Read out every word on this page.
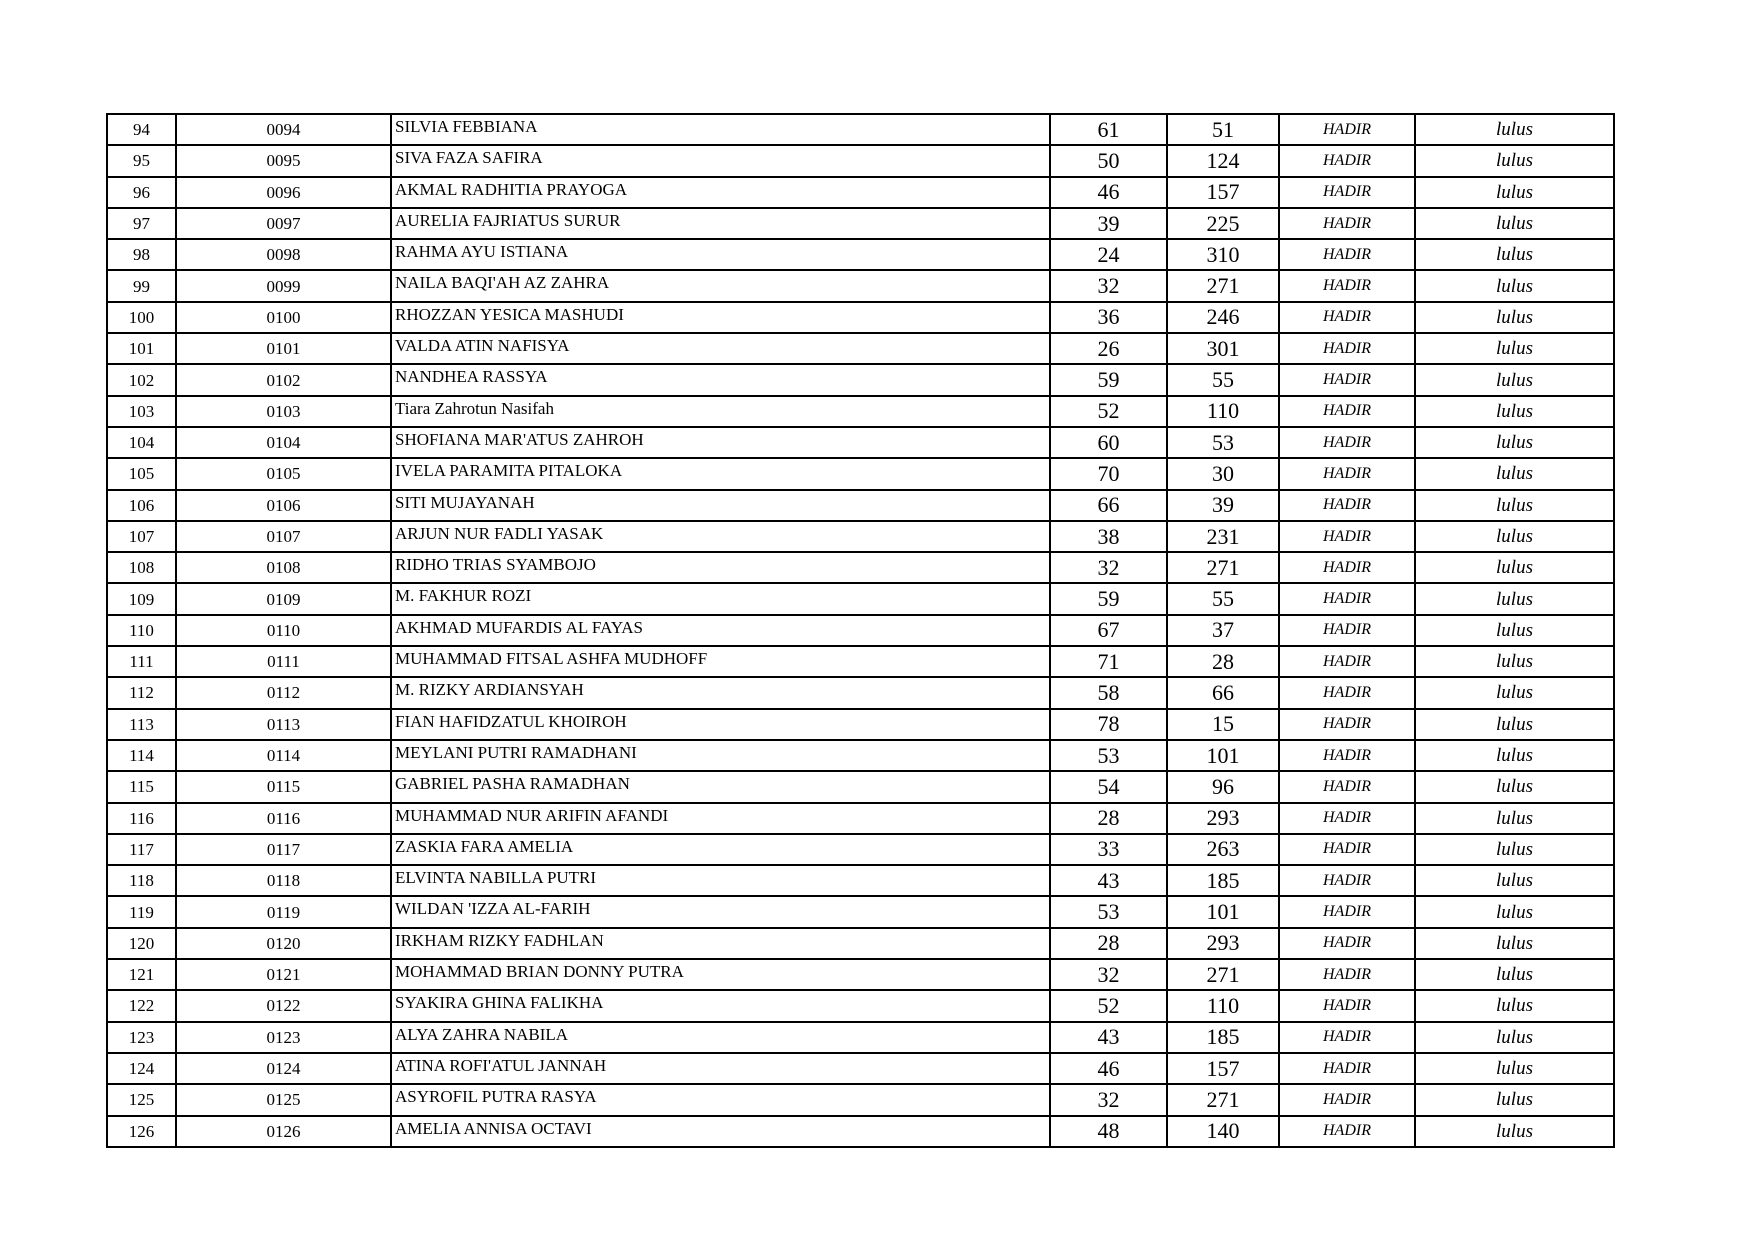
94	0094	SILVIA FEBBIANA	61	51	HADIR	lulus
95	0095	SIVA FAZA SAFIRA	50	124	HADIR	lulus
96	0096	AKMAL RADHITIA PRAYOGA	46	157	HADIR	lulus
97	0097	AURELIA FAJRIATUS SURUR	39	225	HADIR	lulus
98	0098	RAHMA AYU ISTIANA	24	310	HADIR	lulus
99	0099	NAILA BAQI'AH AZ ZAHRA	32	271	HADIR	lulus
100	0100	RHOZZAN YESICA MASHUDI	36	246	HADIR	lulus
101	0101	VALDA ATIN NAFISYA	26	301	HADIR	lulus
102	0102	NANDHEA RASSYA	59	55	HADIR	lulus
103	0103	Tiara Zahrotun Nasifah	52	110	HADIR	lulus
104	0104	SHOFIANA MAR'ATUS ZAHROH	60	53	HADIR	lulus
105	0105	IVELA PARAMITA PITALOKA	70	30	HADIR	lulus
106	0106	SITI MUJAYANAH	66	39	HADIR	lulus
107	0107	ARJUN NUR FADLI YASAK	38	231	HADIR	lulus
108	0108	RIDHO TRIAS SYAMBOJO	32	271	HADIR	lulus
109	0109	M. FAKHUR ROZI	59	55	HADIR	lulus
110	0110	AKHMAD MUFARDIS AL FAYAS	67	37	HADIR	lulus
111	0111	MUHAMMAD FITSAL ASHFA MUDHOFF	71	28	HADIR	lulus
112	0112	M. RIZKY ARDIANSYAH	58	66	HADIR	lulus
113	0113	FIAN HAFIDZATUL KHOIROH	78	15	HADIR	lulus
114	0114	MEYLANI PUTRI RAMADHANI	53	101	HADIR	lulus
115	0115	GABRIEL PASHA RAMADHAN	54	96	HADIR	lulus
116	0116	MUHAMMAD NUR ARIFIN AFANDI	28	293	HADIR	lulus
117	0117	ZASKIA FARA AMELIA	33	263	HADIR	lulus
118	0118	ELVINTA NABILLA PUTRI	43	185	HADIR	lulus
119	0119	WILDAN 'IZZA AL-FARIH	53	101	HADIR	lulus
120	0120	IRKHAM RIZKY FADHLAN	28	293	HADIR	lulus
121	0121	MOHAMMAD BRIAN DONNY PUTRA	32	271	HADIR	lulus
122	0122	SYAKIRA GHINA FALIKHA	52	110	HADIR	lulus
123	0123	ALYA ZAHRA NABILA	43	185	HADIR	lulus
124	0124	ATINA ROFI'ATUL JANNAH	46	157	HADIR	lulus
125	0125	ASYROFIL PUTRA RASYA	32	271	HADIR	lulus
126	0126	AMELIA ANNISA OCTAVI	48	140	HADIR	lulus
